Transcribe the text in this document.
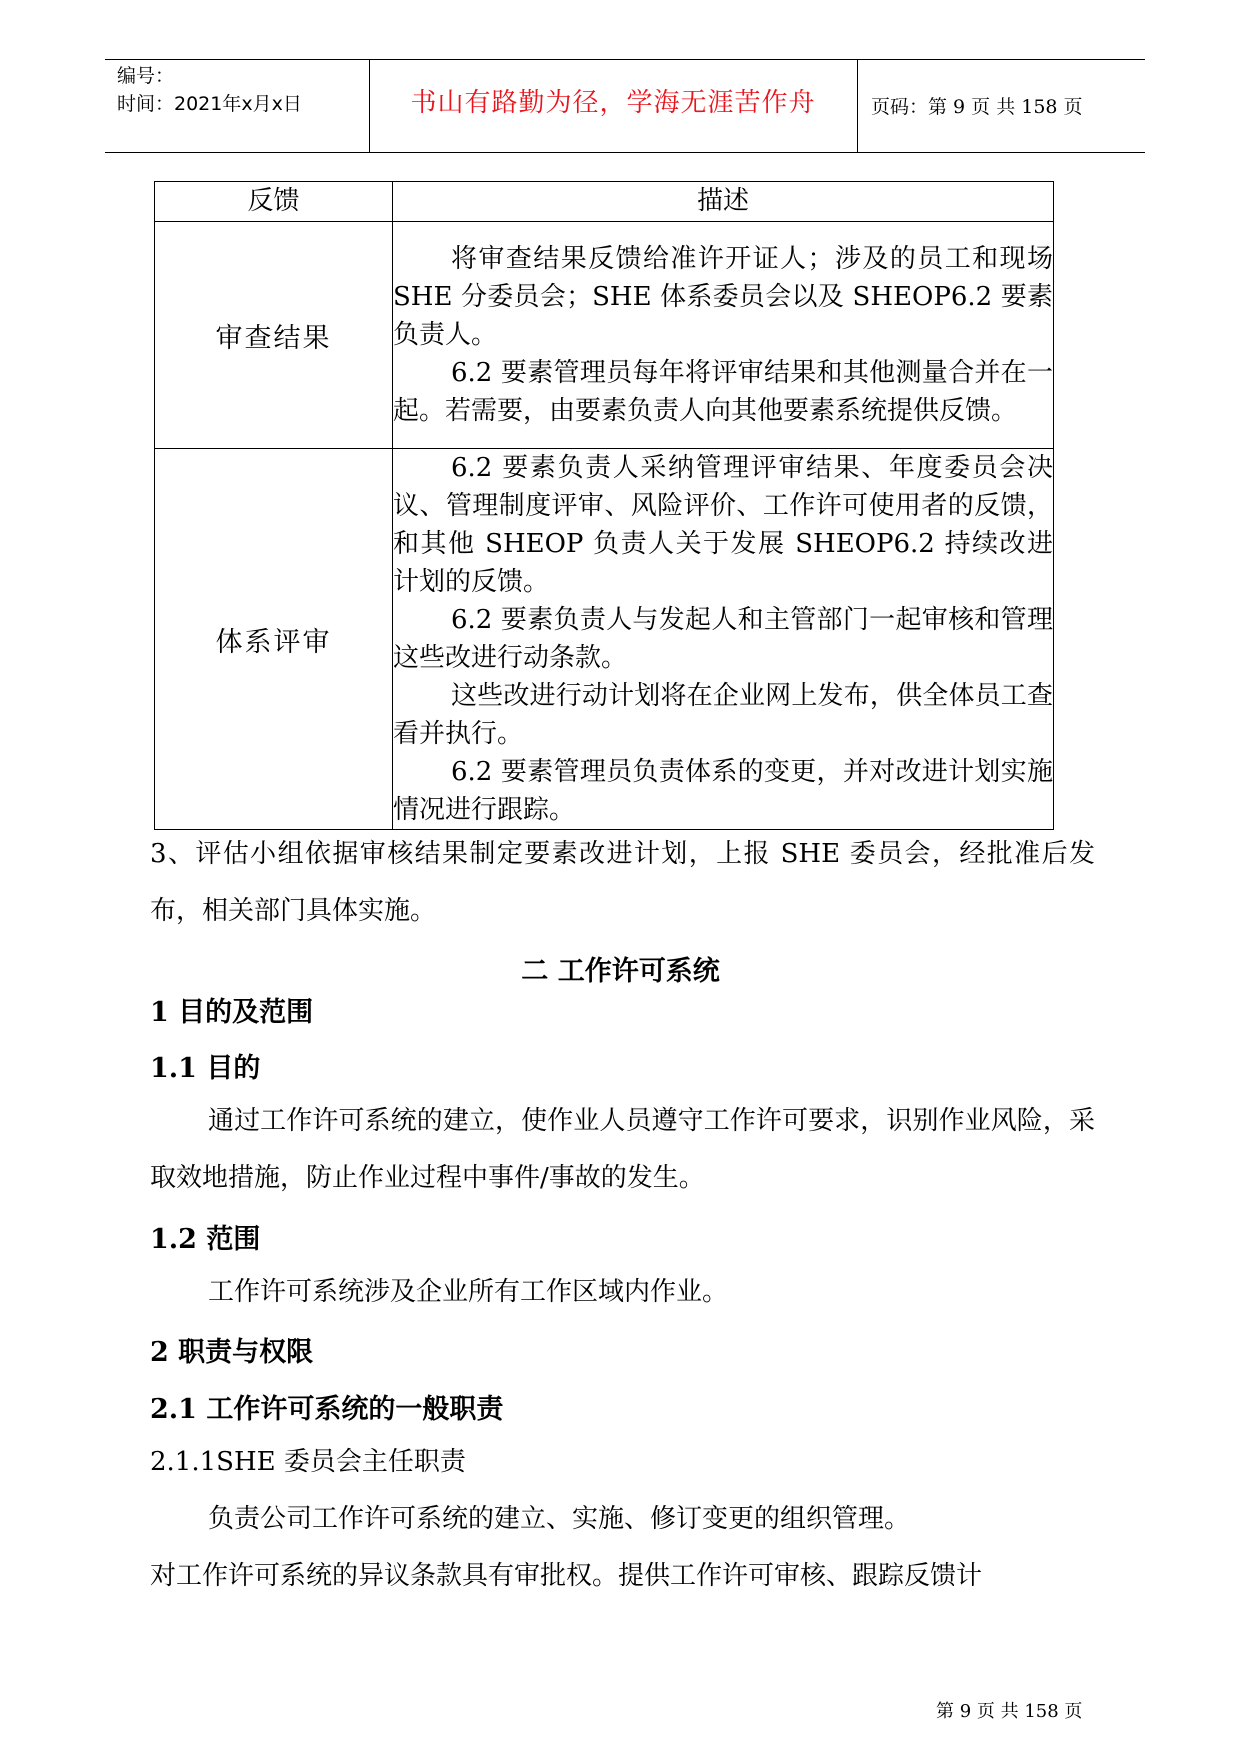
编号：
时间：2021年x月x日	书山有路勤为径，学海无涯苦作舟	页码：第 9 页 共 158 页
反馈	描述
审查结果	将审查结果反馈给准许开证人；涉及的员工和现场 SHE 分委员会；SHE 体系委员会以及 SHEOP6.2 要素负责人。

6.2 要素管理员每年将评审结果和其他测量合并在一起。若需要，由要素负责人向其他要素系统提供反馈。

体系评审	6.2 要素负责人采纳管理评审结果、年度委员会决议、管理制度评审、风险评价、工作许可使用者的反馈，和其他 SHEOP 负责人关于发展 SHEOP6.2 持续改进计划的反馈。

6.2 要素负责人与发起人和主管部门一起审核和管理这些改进行动条款。

这些改进行动计划将在企业网上发布，供全体员工查看并执行。

6.2 要素管理员负责体系的变更，并对改进计划实施情况进行跟踪。

3、评估小组依据审核结果制定要素改进计划，上报 SHE 委员会，经批准后发布，相关部门具体实施。

二 工作许可系统
1 目的及范围
1.1 目的

通过工作许可系统的建立，使作业人员遵守工作许可要求，识别作业风险，采取效地措施，防止作业过程中事件/事故的发生。

1.2 范围

工作许可系统涉及企业所有工作区域内作业。

2 职责与权限
2.1 工作许可系统的一般职责

2.1.1SHE 委员会主任职责

负责公司工作许可系统的建立、实施、修订变更的组织管理。

对工作许可系统的异议条款具有审批权。提供工作许可审核、跟踪反馈计

第 9 页 共 158 页
